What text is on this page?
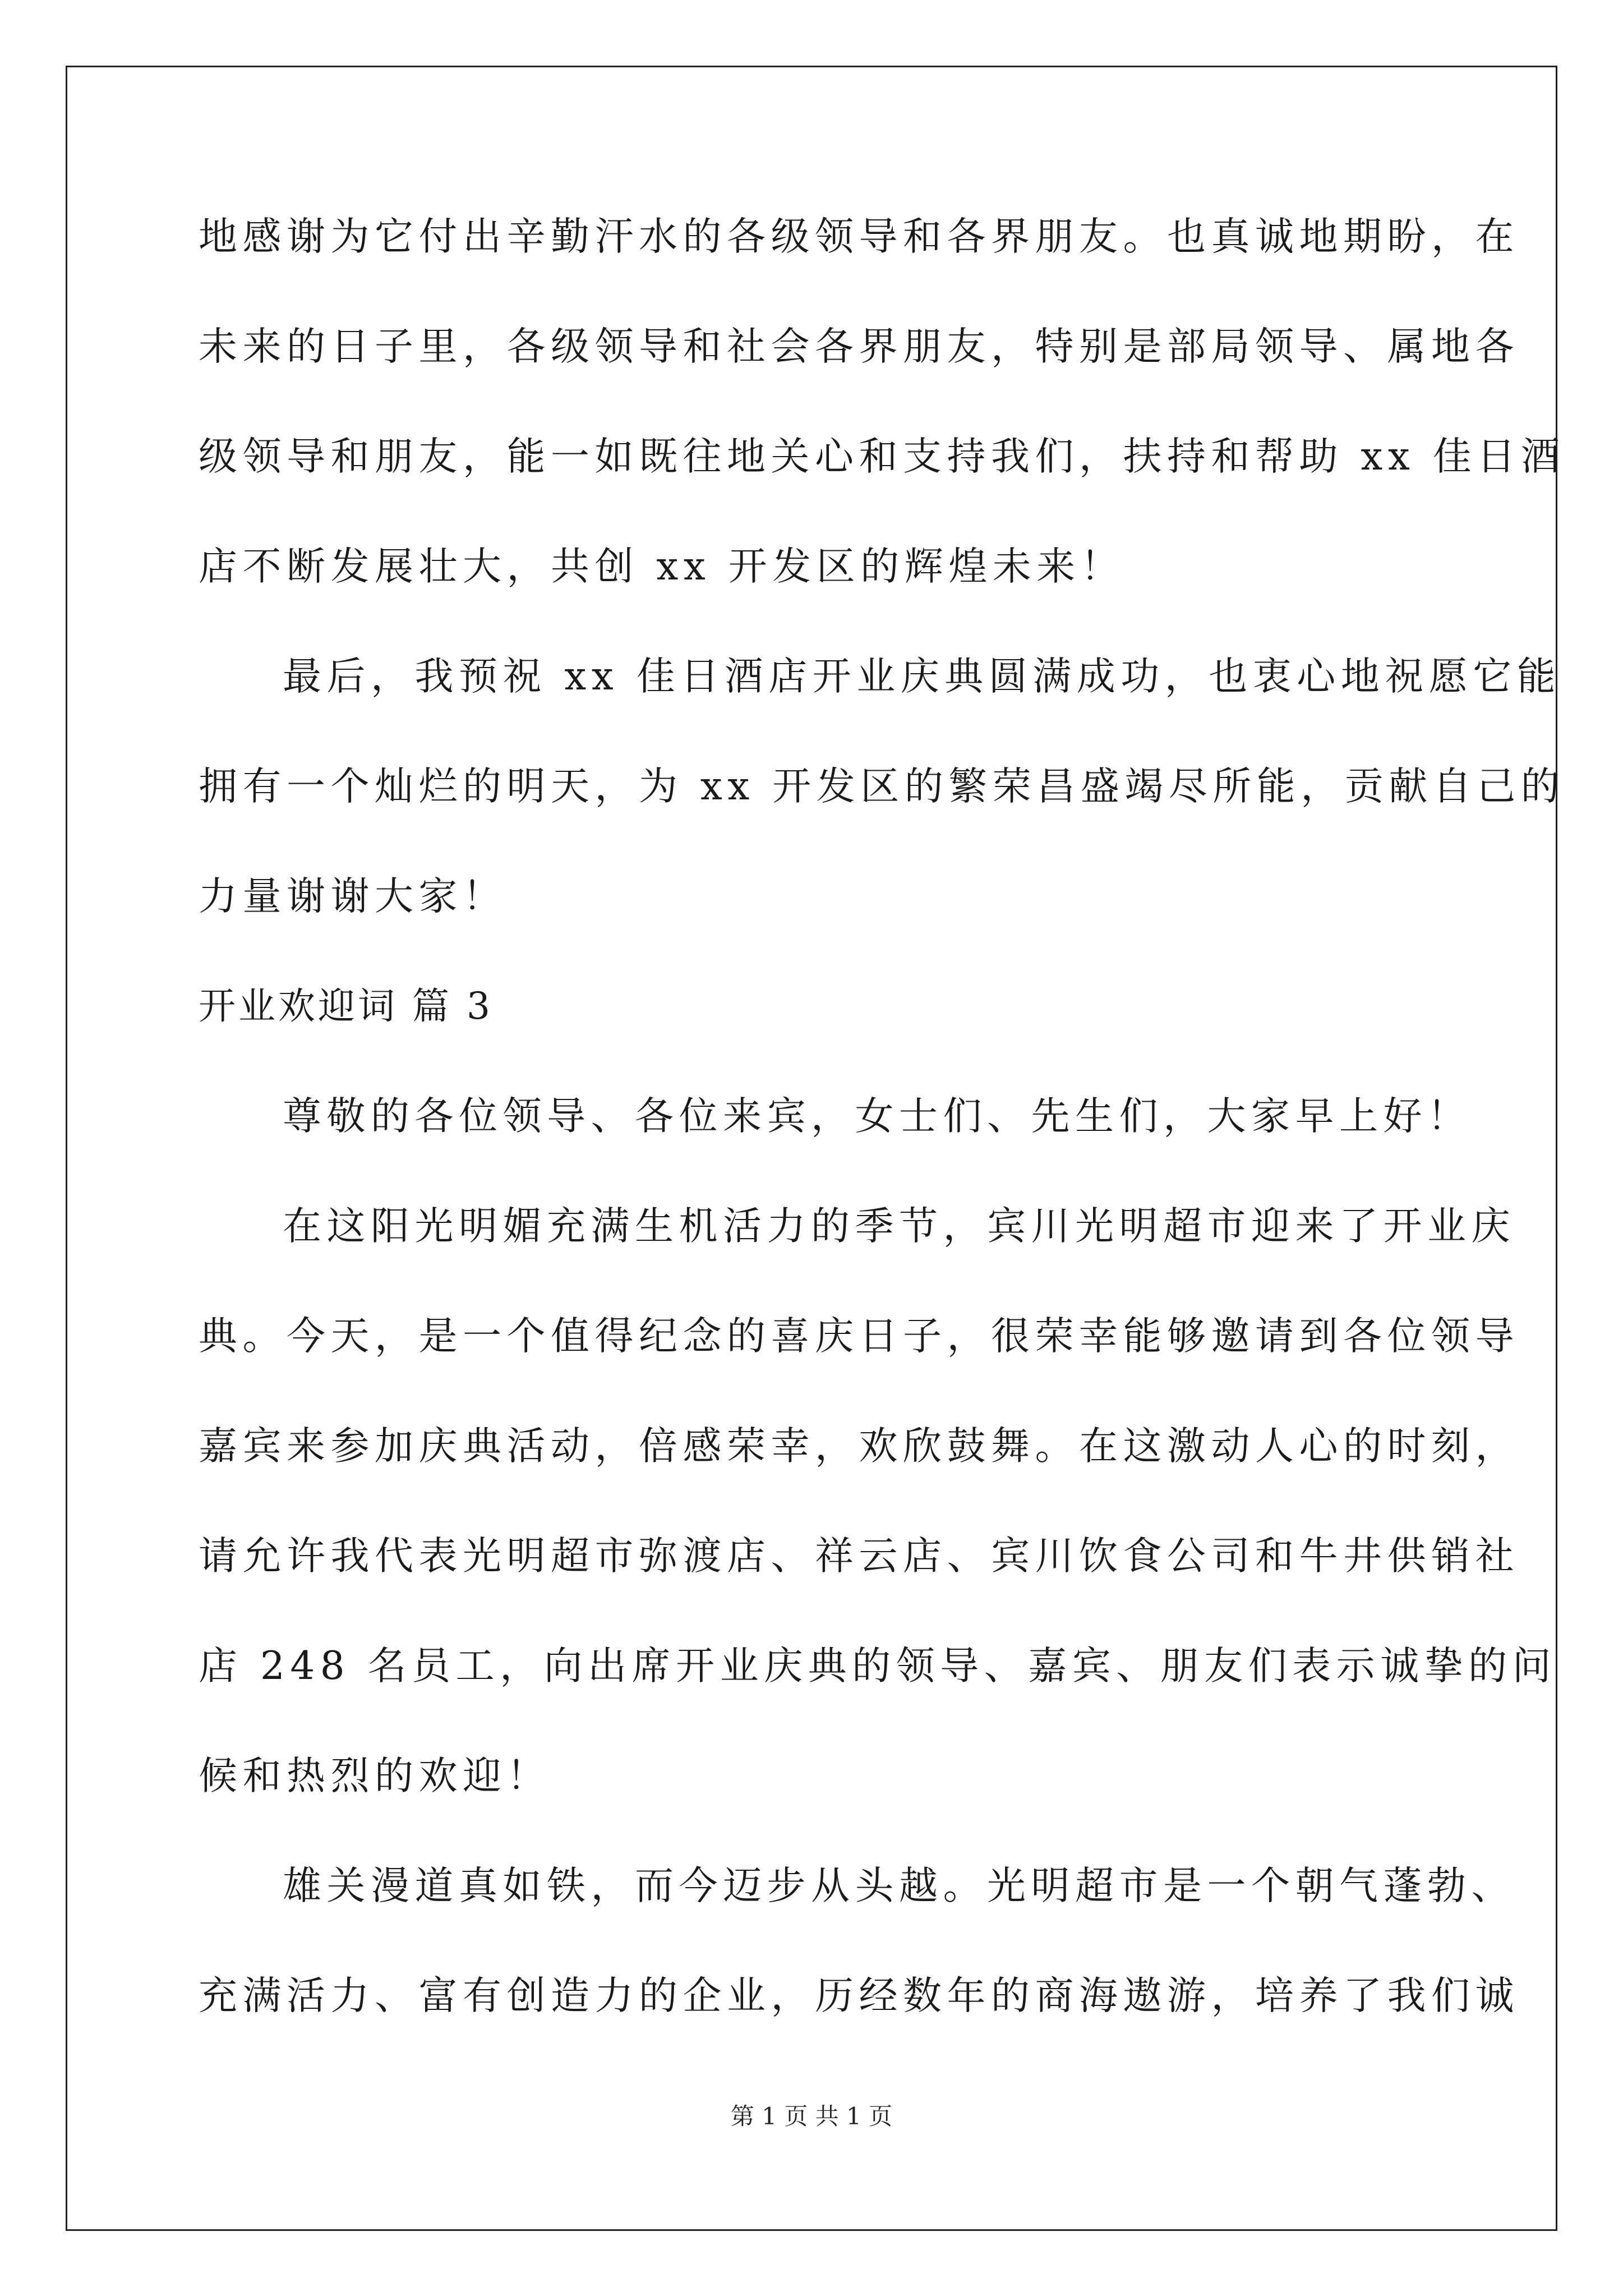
地感谢为它付出辛勤汗水的各级领导和各界朋友。也真诚地期盼，在
未来的日子里，各级领导和社会各界朋友，特别是部局领导、属地各
级领导和朋友，能一如既往地关心和支持我们，扶持和帮助 xx 佳日酒
店不断发展壮大，共创 xx 开发区的辉煌未来！
最后，我预祝 xx 佳日酒店开业庆典圆满成功，也衷心地祝愿它能
拥有一个灿烂的明天，为 xx 开发区的繁荣昌盛竭尽所能，贡献自己的
力量谢谢大家！
开业欢迎词 篇 3
尊敬的各位领导、各位来宾，女士们、先生们，大家早上好！
在这阳光明媚充满生机活力的季节，宾川光明超市迎来了开业庆
典。今天，是一个值得纪念的喜庆日子，很荣幸能够邀请到各位领导
嘉宾来参加庆典活动，倍感荣幸，欢欣鼓舞。在这激动人心的时刻，
请允许我代表光明超市弥渡店、祥云店、宾川饮食公司和牛井供销社
店 248 名员工，向出席开业庆典的领导、嘉宾、朋友们表示诚挚的问
候和热烈的欢迎！
雄关漫道真如铁，而今迈步从头越。光明超市是一个朝气蓬勃、
充满活力、富有创造力的企业，历经数年的商海遨游，培养了我们诚
第 1 页 共 1 页
